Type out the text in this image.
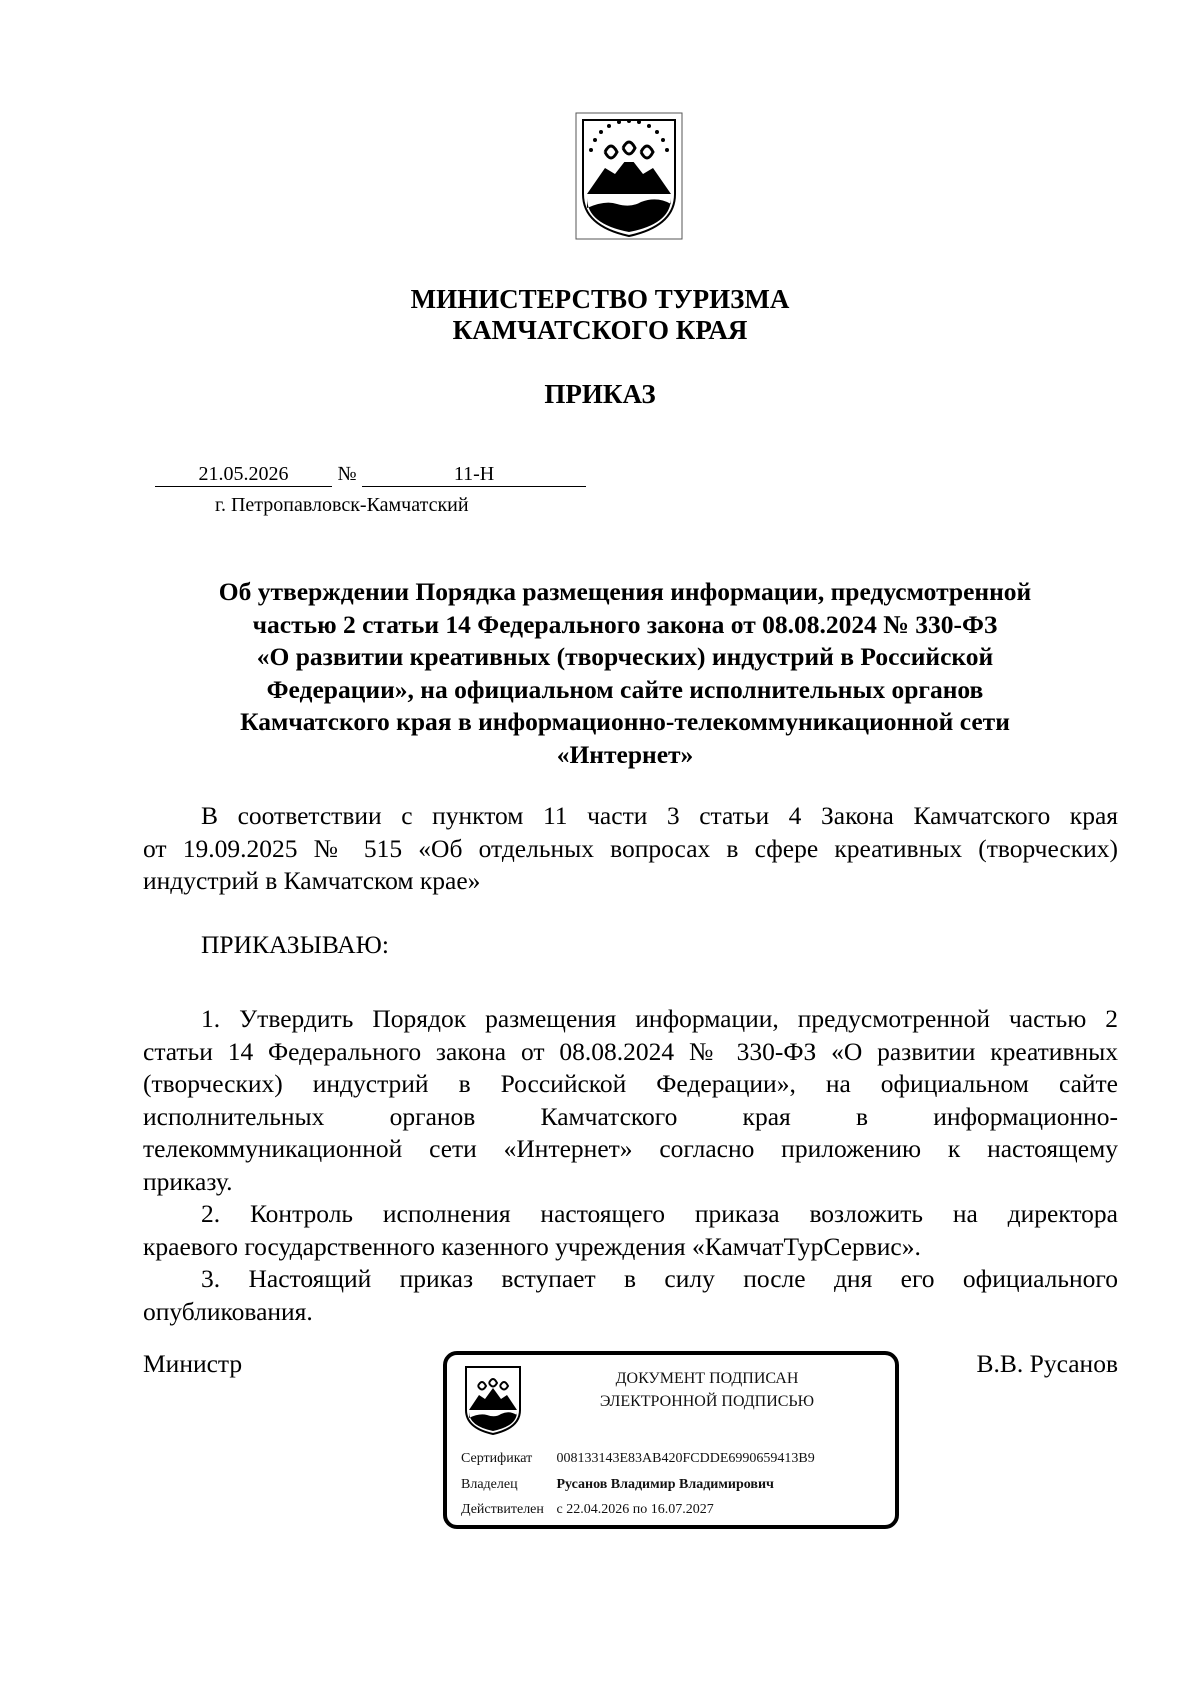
МИНИСТЕРСТВО ТУРИЗМА
КАМЧАТСКОГО КРАЯ
ПРИКАЗ
21.05.2026	№	11-Н
г. Петропавловск-Камчатский
Об утверждении Порядка размещения информации, предусмотренной
частью 2 статьи 14 Федерального закона от 08.08.2024 № 330-ФЗ
«О развитии креативных (творческих) индустрий в Российской
Федерации», на официальном сайте исполнительных органов
Камчатского края в информационно-телекоммуникационной сети
«Интернет»
В соответствии с пунктом 11 части 3 статьи 4 Закона Камчатского края
от 19.09.2025 № 515 «Об отдельных вопросах в сфере креативных (творческих)
индустрий в Камчатском крае»
ПРИКАЗЫВАЮ:
1. Утвердить Порядок размещения информации, предусмотренной частью 2
статьи 14 Федерального закона от 08.08.2024 № 330-ФЗ «О развитии креативных
(творческих) индустрий в Российской Федерации», на официальном сайте
исполнительных органов Камчатского края в информационно-
телекоммуникационной сети «Интернет» согласно приложению к настоящему
приказу.
2. Контроль исполнения настоящего приказа возложить на директора
краевого государственного казенного учреждения «КамчатТурСервис».
3. Настоящий приказ вступает в силу после дня его официального
опубликования.
Министр	В.В. Русанов
ДОКУМЕНТ ПОДПИСАН
ЭЛЕКТРОННОЙ ПОДПИСЬЮ
Сертификат 008133143E83AB420FCDDE6990659413B9
Владелец	Русанов Владимир Владимирович
Действителен с 22.04.2026 по 16.07.2027
